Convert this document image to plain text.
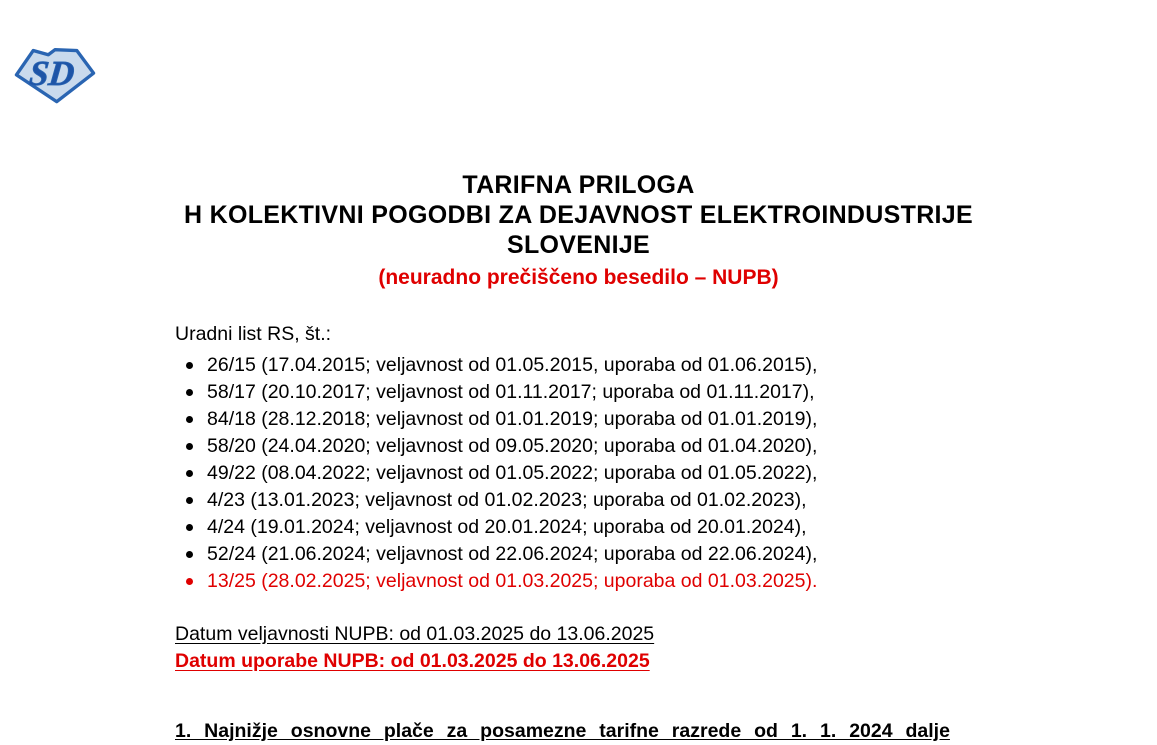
SD
TARIFNA PRILOGA
H KOLEKTIVNI POGODBI ZA DEJAVNOST ELEKTROINDUSTRIJE
SLOVENIJE
(neuradno prečiščeno besedilo – NUPB)
Uradni list RS, št.:
26/15 (17.04.2015; veljavnost od 01.05.2015, uporaba od 01.06.2015),
58/17 (20.10.2017; veljavnost od 01.11.2017; uporaba od 01.11.2017),
84/18 (28.12.2018; veljavnost od 01.01.2019; uporaba od 01.01.2019),
58/20 (24.04.2020; veljavnost od 09.05.2020; uporaba od 01.04.2020),
49/22 (08.04.2022; veljavnost od 01.05.2022; uporaba od 01.05.2022),
4/23 (13.01.2023; veljavnost od 01.02.2023; uporaba od 01.02.2023),
4/24 (19.01.2024; veljavnost od 20.01.2024; uporaba od 20.01.2024),
52/24 (21.06.2024; veljavnost od 22.06.2024; uporaba od 22.06.2024),
13/25 (28.02.2025; veljavnost od 01.03.2025; uporaba od 01.03.2025).
Datum veljavnosti NUPB: od 01.03.2025 do 13.06.2025
Datum uporabe NUPB: od 01.03.2025 do 13.06.2025
1. Najnižje osnovne plače za posamezne tarifne razrede od 1. 1. 2024 dalje
